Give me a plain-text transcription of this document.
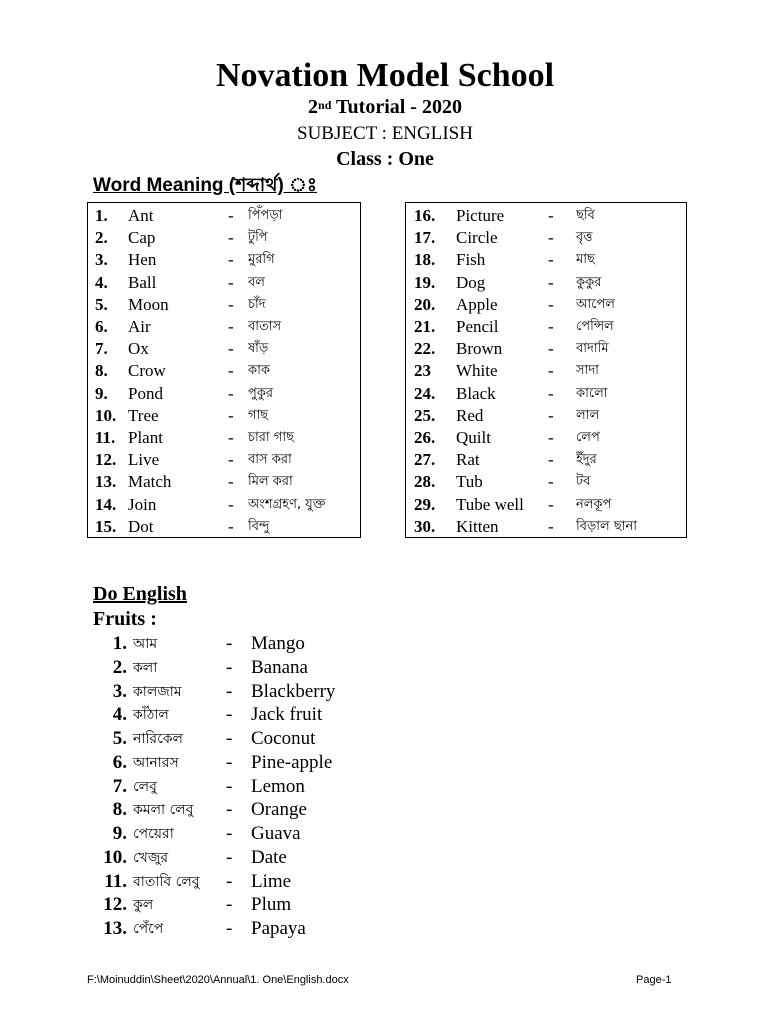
Novation Model School
2nd Tutorial - 2020
SUBJECT : ENGLISH
Class : One
Word Meaning (শব্দার্থ) ঃ
1. Ant	- পিঁপড়া
2. Cap	- টুপি
3. Hen	- মুরগি
4. Ball	- বল
5. Moon	- চাঁদ
6. Air	- বাতাস
7. Ox	- ষাঁড়
8. Crow	- কাক
9. Pond	- পুকুর
10. Tree	- গাছ
11. Plant	- চারা গাছ
12. Live	- বাস করা
13. Match	- মিল করা
14. Join	- অংশগ্রহণ, যুক্ত
15. Dot	- বিন্দু
16. Picture	- ছবি
17. Circle	- বৃত্ত
18. Fish	- মাছ
19. Dog	- কুকুর
20. Apple	- আপেল
21. Pencil	- পেন্সিল
22. Brown	- বাদামি
23 White	- সাদা
24. Black	- কালো
25. Red	- লাল
26. Quilt	- লেপ
27. Rat	- ইঁদুর
28. Tub	- টব
29. Tube well - নলকূপ
30. Kitten	- বিড়াল ছানা
Do English
Fruits :
1. আম	- Mango
2. কলা	- Banana
3. কালজাম - Blackberry
4. কাঁঠাল	- Jack fruit
5. নারিকেল - Coconut
6. আনারস - Pine-apple
7. লেবু	- Lemon
8. কমলা লেবু - Orange
9. পেয়েরা	- Guava
10. খেজুর	- Date
11. বাতাবি লেবু - Lime
12. কুল	- Plum
13. পেঁপে	- Papaya
F:\Moinuddin\Sheet\2020\Annual\1. One\English.docx	Page-1
